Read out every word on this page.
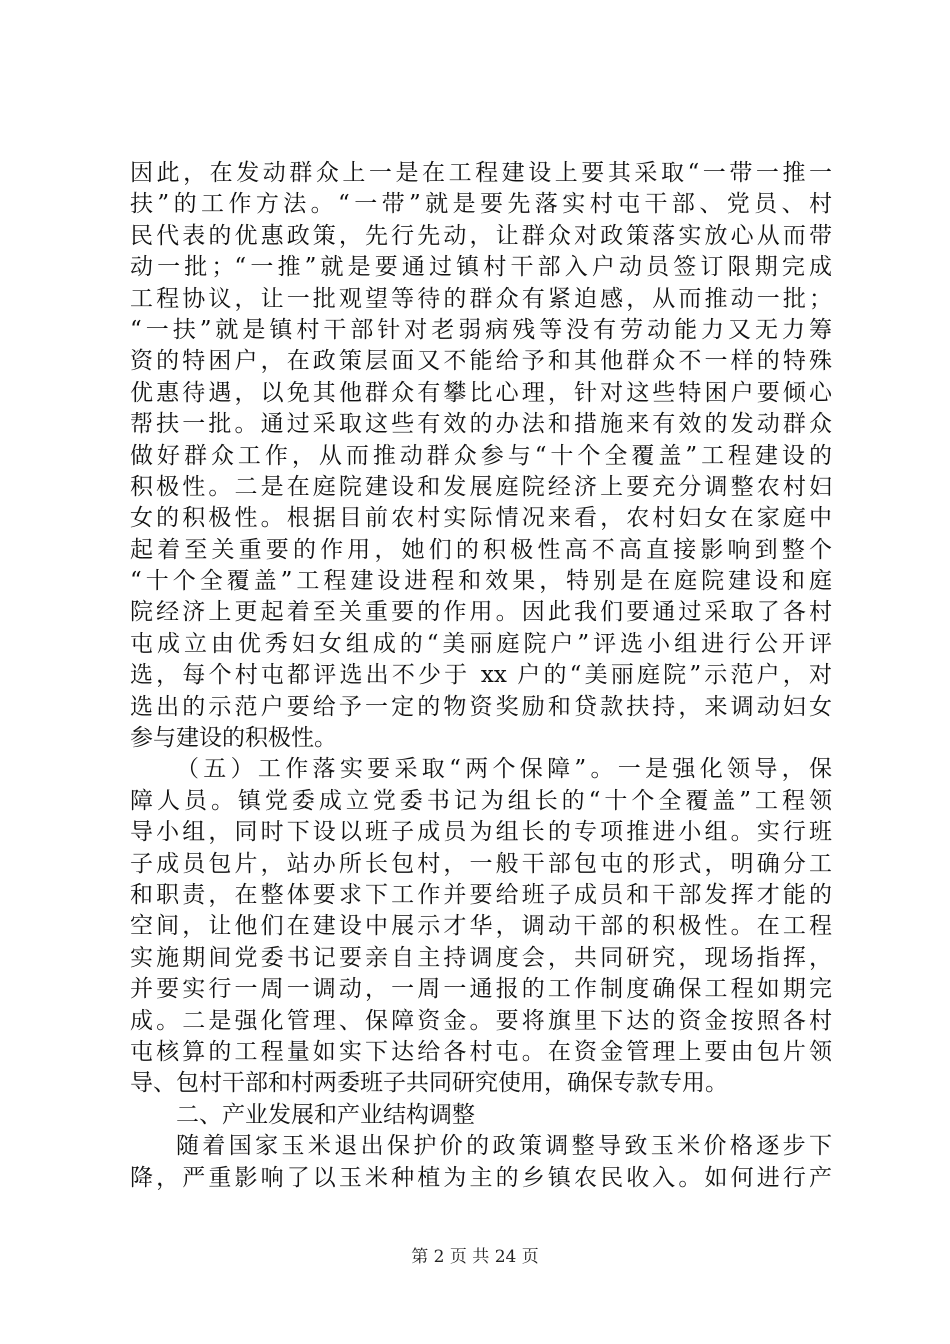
因此，在发动群众上一是在工程建设上要其采取“一带一推一
扶”的工作方法。“一带”就是要先落实村屯干部、党员、村
民代表的优惠政策，先行先动，让群众对政策落实放心从而带
动一批；“一推”就是要通过镇村干部入户动员签订限期完成
工程协议，让一批观望等待的群众有紧迫感，从而推动一批；
“一扶”就是镇村干部针对老弱病残等没有劳动能力又无力筹
资的特困户，在政策层面又不能给予和其他群众不一样的特殊
优惠待遇，以免其他群众有攀比心理，针对这些特困户要倾心
帮扶一批。通过采取这些有效的办法和措施来有效的发动群众
做好群众工作，从而推动群众参与“十个全覆盖”工程建设的
积极性。二是在庭院建设和发展庭院经济上要充分调整农村妇
女的积极性。根据目前农村实际情况来看，农村妇女在家庭中
起着至关重要的作用，她们的积极性高不高直接影响到整个
“十个全覆盖”工程建设进程和效果，特别是在庭院建设和庭
院经济上更起着至关重要的作用。因此我们要通过采取了各村
屯成立由优秀妇女组成的“美丽庭院户”评选小组进行公开评
选，每个村屯都评选出不少于 xx 户的“美丽庭院”示范户，对
选出的示范户要给予一定的物资奖励和贷款扶持，来调动妇女
参与建设的积极性。
（五）工作落实要采取“两个保障”。一是强化领导，保
障人员。镇党委成立党委书记为组长的“十个全覆盖”工程领
导小组，同时下设以班子成员为组长的专项推进小组。实行班
子成员包片，站办所长包村，一般干部包屯的形式，明确分工
和职责，在整体要求下工作并要给班子成员和干部发挥才能的
空间，让他们在建设中展示才华，调动干部的积极性。在工程
实施期间党委书记要亲自主持调度会，共同研究，现场指挥，
并要实行一周一调动，一周一通报的工作制度确保工程如期完
成。二是强化管理、保障资金。要将旗里下达的资金按照各村
屯核算的工程量如实下达给各村屯。在资金管理上要由包片领
导、包村干部和村两委班子共同研究使用，确保专款专用。
二、产业发展和产业结构调整
随着国家玉米退出保护价的政策调整导致玉米价格逐步下
降，严重影响了以玉米种植为主的乡镇农民收入。如何进行产
第 2 页 共 24 页
